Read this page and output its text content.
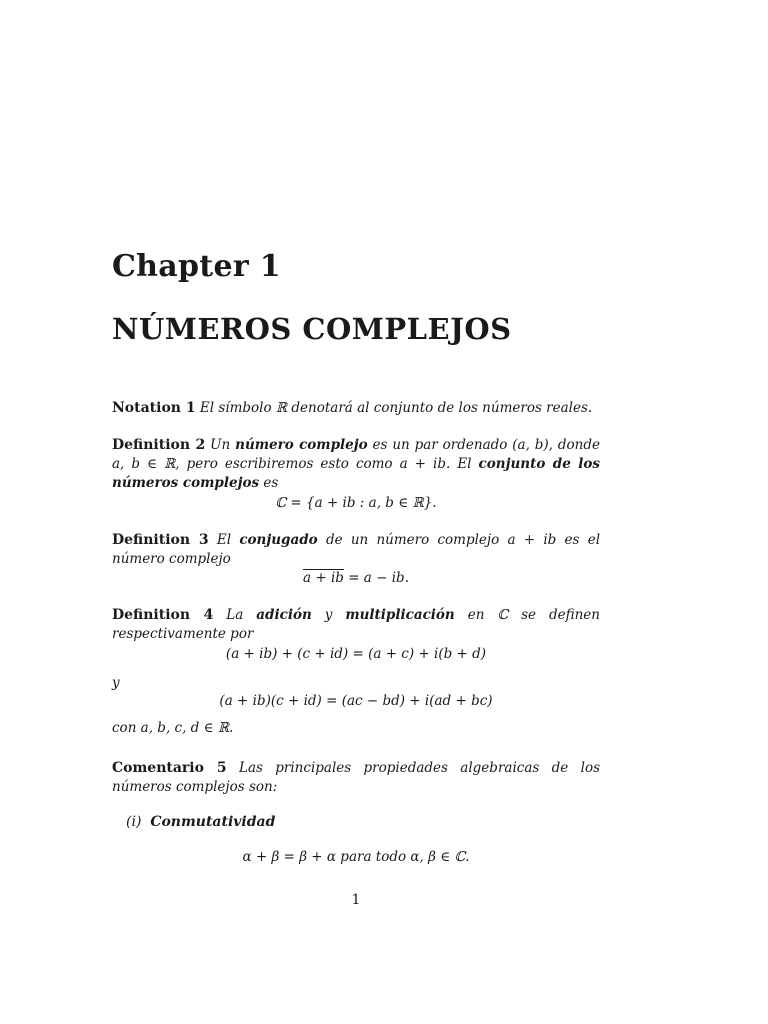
Chapter 1
NÚMEROS COMPLEJOS
Notation 1 El símbolo ℝ denotará al conjunto de los números reales.
Definition 2 Un número complejo es un par ordenado (a, b), donde a, b ∈ ℝ, pero escribiremos esto como a + ib. El conjunto de los números complejos es
ℂ = {a + ib : a, b ∈ ℝ}.
Definition 3 El conjugado de un número complejo a + ib es el número complejo
a + ib = a − ib.
Definition 4 La adición y multiplicación en ℂ se definen respectivamente por
(a + ib) + (c + id) = (a + c) + i(b + d)
y
(a + ib)(c + id) = (ac − bd) + i(ad + bc)
con a, b, c, d ∈ ℝ.
Comentario 5 Las principales propiedades algebraicas de los números complejos son:
(i) Conmutatividad
α + β = β + α para todo α, β ∈ ℂ.
1
